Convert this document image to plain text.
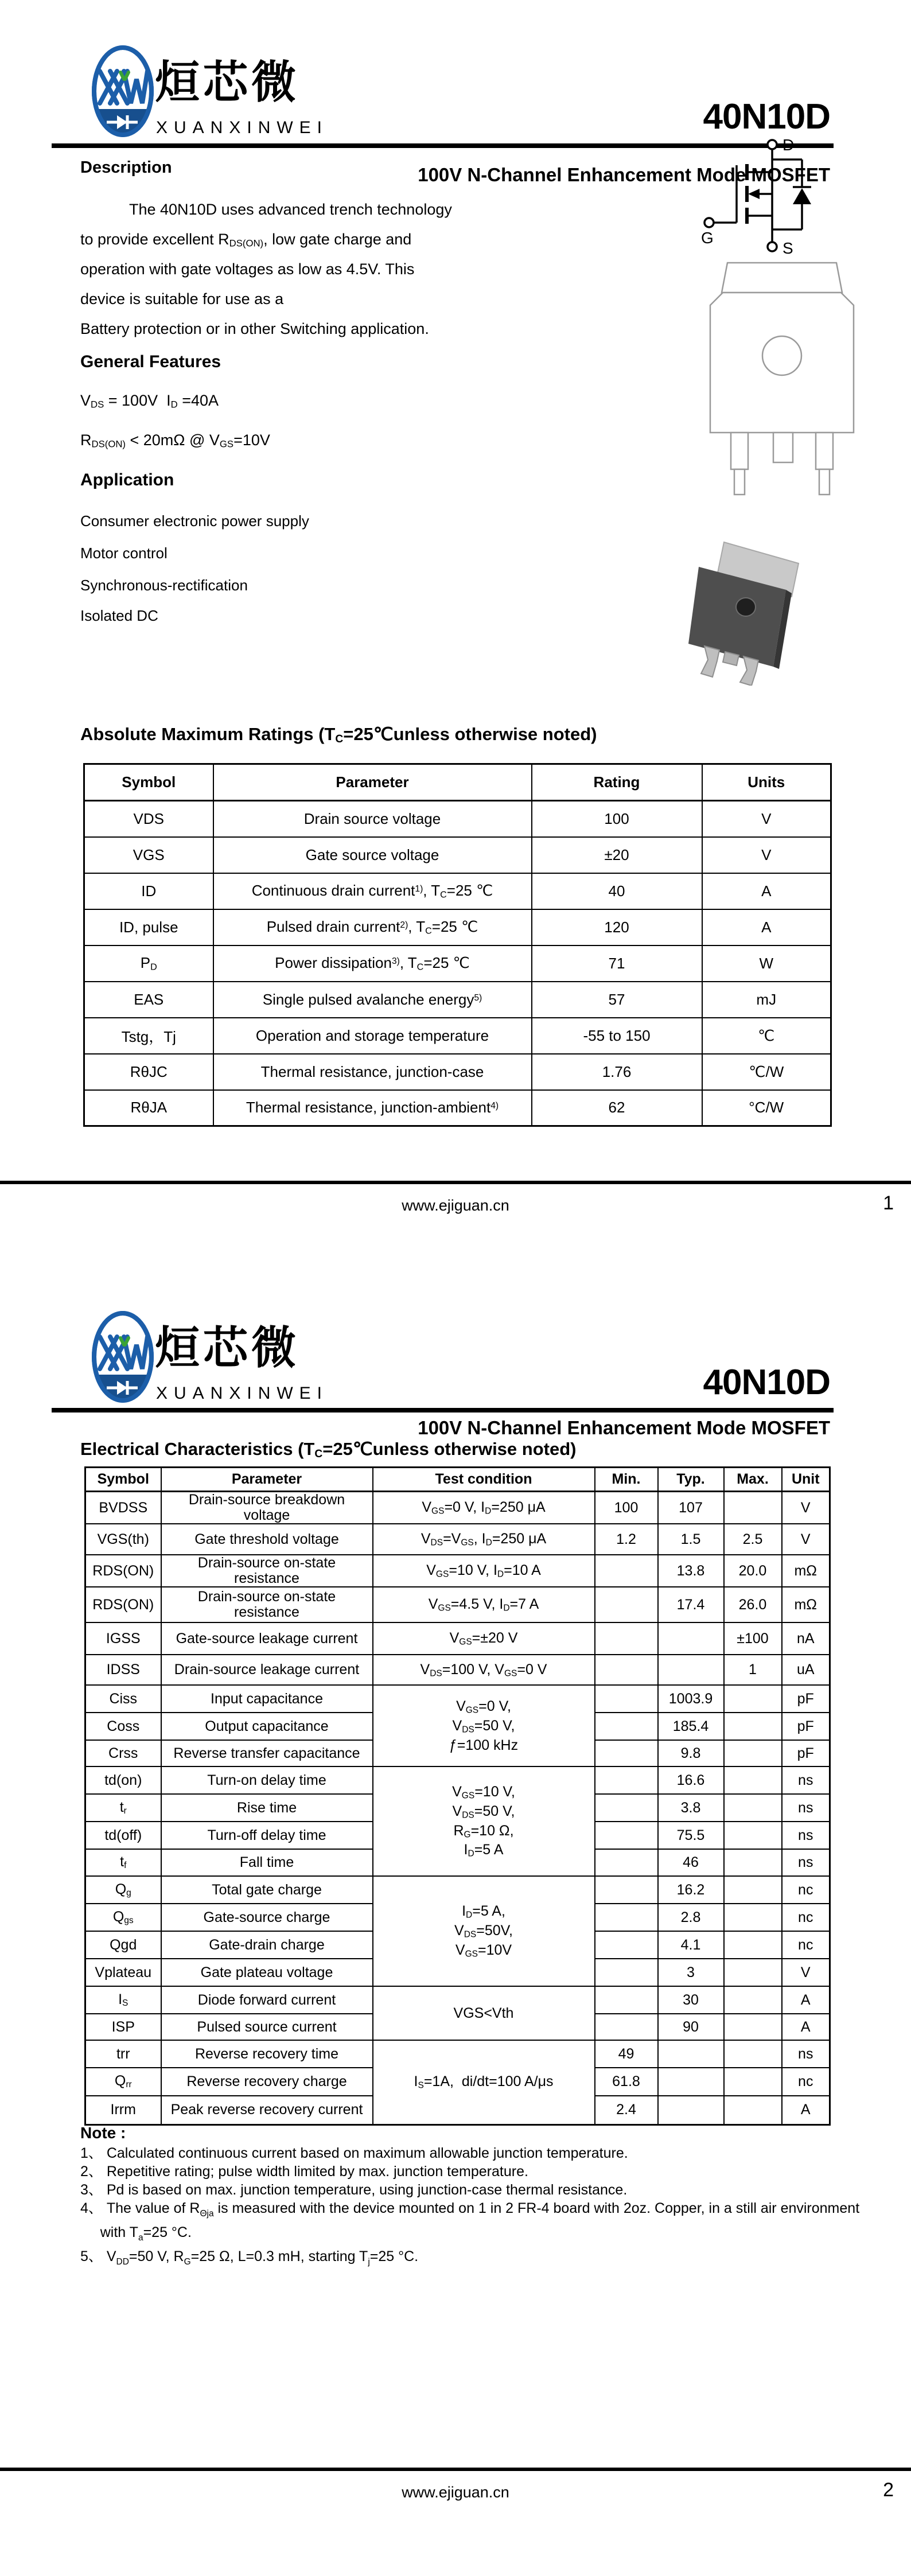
烜芯微
XUANXINWEI	40N10D
100V N-Channel Enhancement Mode MOSFET
Description
The 40N10D uses advanced trench technology
to provide excellent $R_{DS(ON)}$, low gate charge and
operation with gate voltages as low as 4.5V. This
device is suitable for use as a
Battery protection or in other Switching application.
General Features
$V_{DS} = 100V$  $I_D =40A$
$R_{DS(ON)} < 20m\Omega$ @ $V_{GS}=10V$
Application
Consumer electronic power supply
Motor control
Synchronous-rectification
Isolated DC
D
G
S
Absolute Maximum Ratings ($T_C=25℃unless$ otherwise noted)
Symbol	Parameter	Rating	Units
VDS	Drain source voltage	100	V
VGS	Gate source voltage	±20	V
ID	Continuous drain current$^{1)}$, $T_C=25$ ℃	40	A
ID, pulse	Pulsed drain current$^{2)}$, $T_C=25$ ℃	120	A
$P_D$	Power dissipation$^{3)}$, $T_C=25$ ℃	71	W
EAS	Single pulsed avalanche energy$^{5)}$	57	mJ
Tstg，Tj	Operation and storage temperature	-55 to 150	℃
RθJC	Thermal resistance, junction-case	1.76	℃/W
RθJA	Thermal resistance, junction-ambient$^{4)}$	62	°C/W
www.ejiguan.cn	1
烜芯微
XUANXINWEI	40N10D
100V N-Channel Enhancement Mode MOSFET
Electrical Characteristics ($T_C=25℃unless$ otherwise noted)
Symbol	Parameter	Test condition	Min.	Typ.	Max.	Unit
BVDSS	Drain-source breakdown
voltage	$V_{GS}=0$ V, $I_D=250$ μA	100	107		V
VGS(th)	Gate threshold voltage	$V_{DS}=V_{GS}$, $I_D=250$ μA	1.2	1.5	2.5	V
RDS(ON)	Drain-source on-state
resistance	$V_{GS}=10$ V, $I_D=10$ A		13.8	20.0	mΩ
RDS(ON)	Drain-source on-state
resistance	$V_{GS}=4.5$ V, $I_D=7$ A		17.4	26.0	mΩ
IGSS	Gate-source leakage current	$V_{GS}=\pm 20$ V			±100	nA
IDSS	Drain-source leakage current	$V_{DS}=100$ V, $V_{GS}=0$ V			1	uA
Ciss	Input capacitance	$V_{GS}=0$ V,
$V_{DS}=50$ V,
ƒ=100 kHz		1003.9		pF
Coss	Output capacitance			185.4		pF
Crss	Reverse transfer capacitance			9.8		pF
td(on)	Turn-on delay time	$V_{GS}=10$ V,
$V_{DS}=50$ V,
$R_G=10$ Ω,
$I_D=5$ A		16.6		ns
$t_r$	Rise time			3.8		ns
td(off)	Turn-off delay time			75.5		ns
$t_f$	Fall time			46		ns
$Q_g$	Total gate charge	$I_D=5$ A,
$V_{DS}=50V$,
$V_{GS}=10V$		16.2		nc
$Q_{gs}$	Gate-source charge			2.8		nc
Qgd	Gate-drain charge			4.1		nc
Vplateau	Gate plateau voltage			3		V
$I_S$	Diode forward current	VGS<Vth		30		A
ISP	Pulsed source current			90		A
trr	Reverse recovery time	$I_S=1A$,  di/dt=100 A/μs	49			ns
$Q_{rr}$	Reverse recovery charge		61.8			nc
Irrm	Peak reverse recovery current		2.4			A
Note :
1、 Calculated continuous current based on maximum allowable junction temperature.
2、 Repetitive rating; pulse width limited by max. junction temperature.
3、 Pd is based on max. junction temperature, using junction-case thermal resistance.
4、 The value of $R_{\Theta ja}$ is measured with the device mounted on 1 in 2 FR-4 board with 2oz. Copper, in a still air environment
with $T_a=25$ °C.
5、 $V_{DD}=50$ V, $R_G=25$ Ω, L=0.3 mH, starting $T_j=25$ °C.
www.ejiguan.cn	2
